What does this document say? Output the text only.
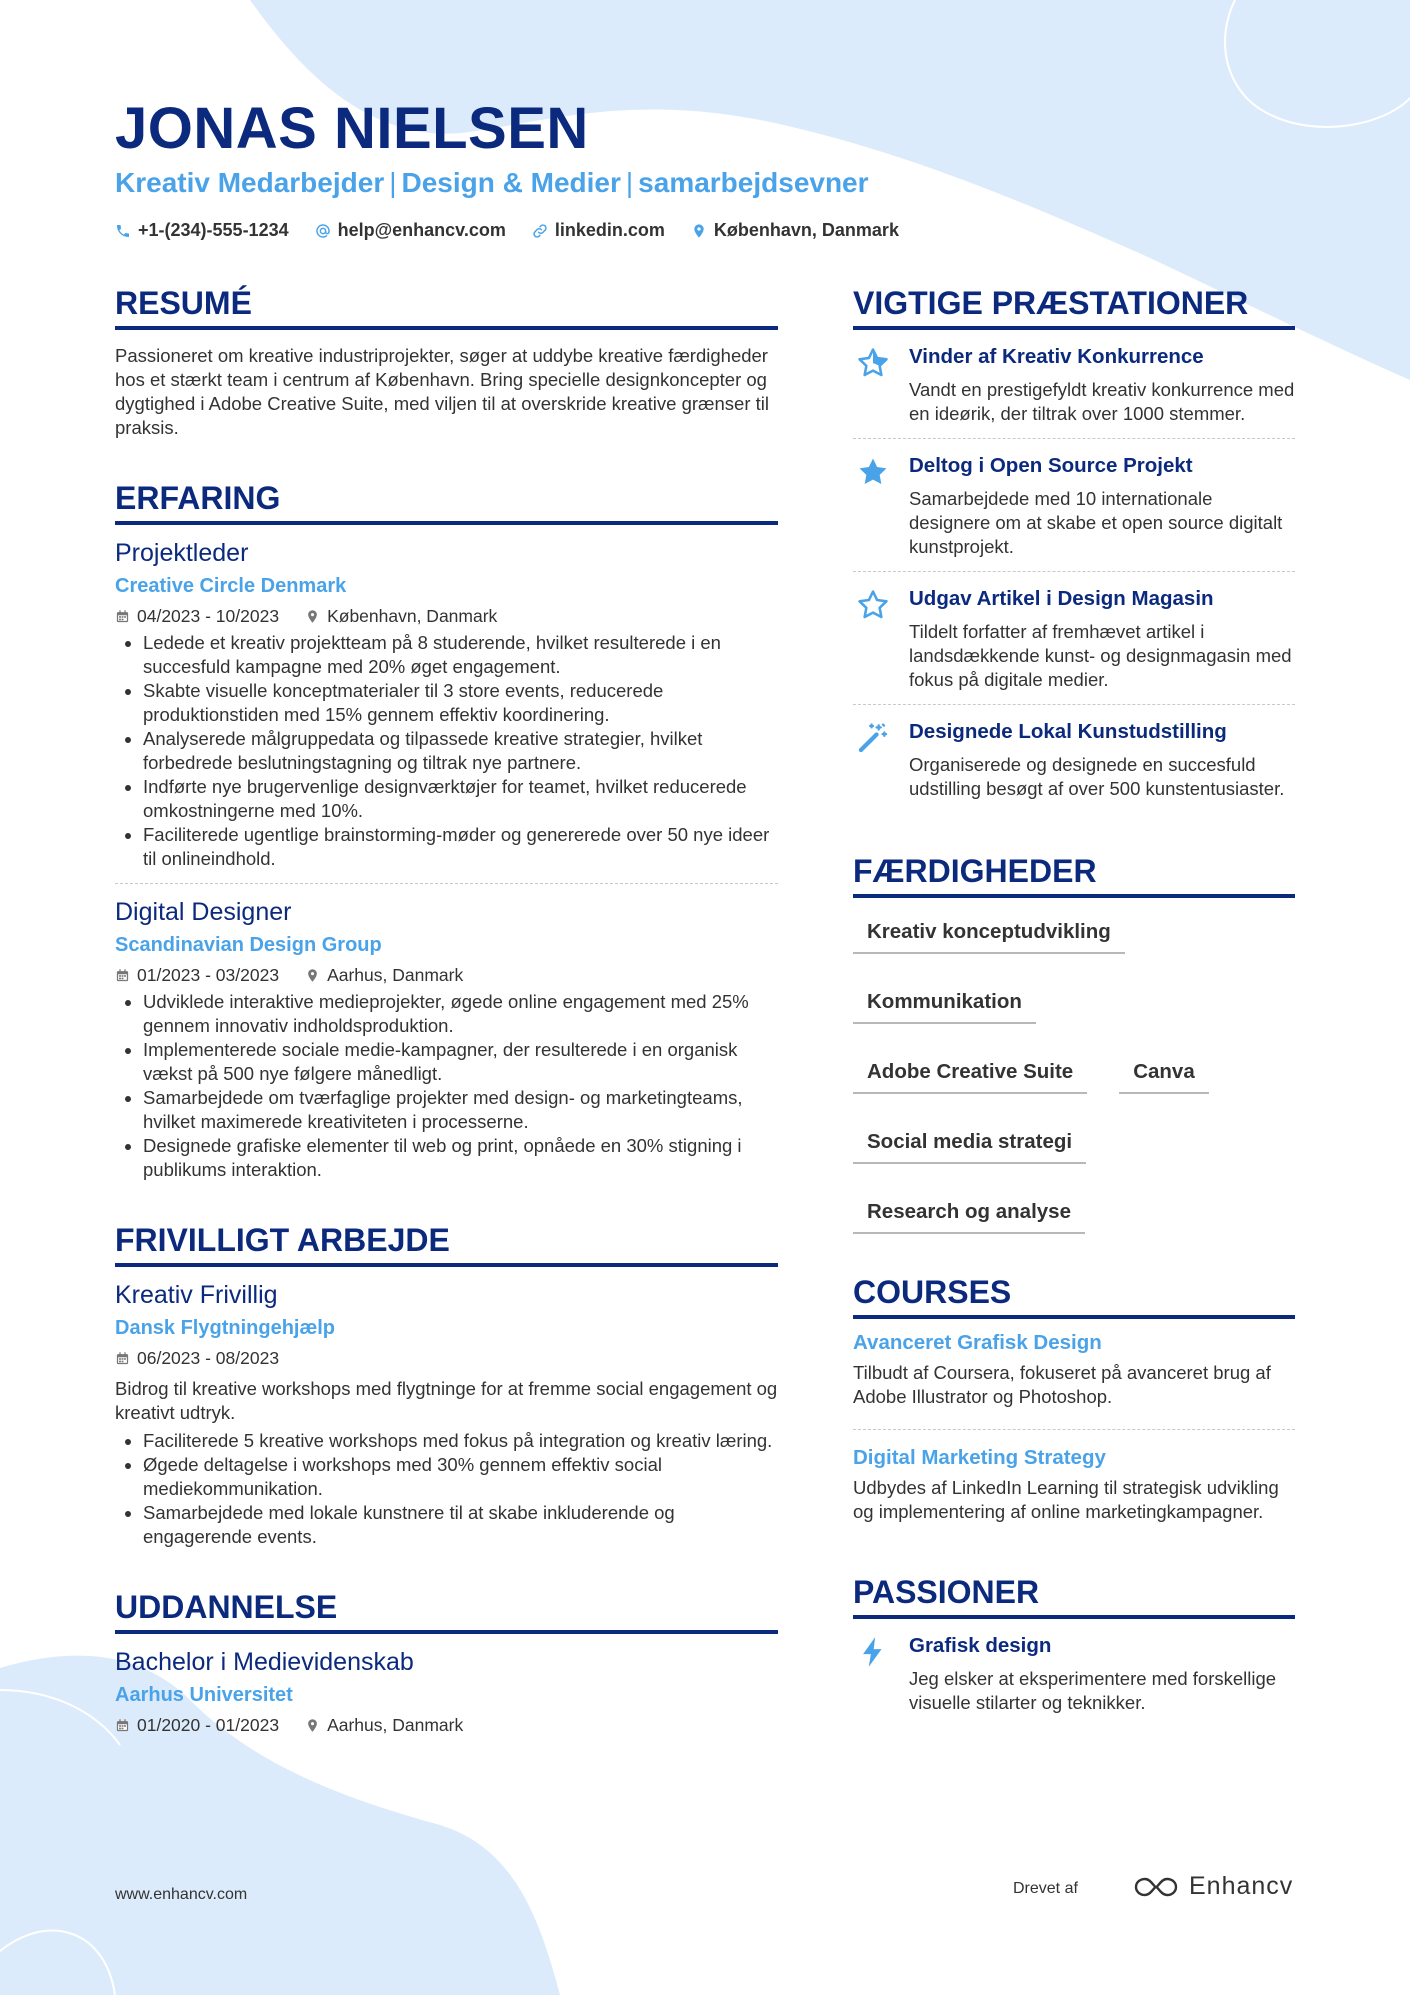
JONAS NIELSEN
Kreativ Medarbejder | Design & Medier | samarbejdsevner
+1-(234)-555-1234	help@enhancv.com	linkedin.com	København, Danmark
RESUMÉ
Passioneret om kreative industriprojekter, søger at uddybe kreative færdigheder hos et stærkt team i centrum af København. Bring specielle designkoncepter og dygtighed i Adobe Creative Suite, med viljen til at overskride kreative grænser til praksis.
ERFARING
Projektleder
Creative Circle Denmark
04/2023 - 10/2023	København, Danmark
• Ledede et kreativ projektteam på 8 studerende, hvilket resulterede i en succesfuld kampagne med 20% øget engagement.
• Skabte visuelle konceptmaterialer til 3 store events, reducerede produktionstiden med 15% gennem effektiv koordinering.
• Analyserede målgruppedata og tilpassede kreative strategier, hvilket forbedrede beslutningstagning og tiltrak nye partnere.
• Indførte nye brugervenlige designværktøjer for teamet, hvilket reducerede omkostningerne med 10%.
• Faciliterede ugentlige brainstorming-møder og genererede over 50 nye ideer til onlineindhold.
Digital Designer
Scandinavian Design Group
01/2023 - 03/2023	Aarhus, Danmark
• Udviklede interaktive medieprojekter, øgede online engagement med 25% gennem innovativ indholdsproduktion.
• Implementerede sociale medie-kampagner, der resulterede i en organisk vækst på 500 nye følgere månedligt.
• Samarbejdede om tværfaglige projekter med design- og marketingteams, hvilket maximerede kreativiteten i processerne.
• Designede grafiske elementer til web og print, opnåede en 30% stigning i publikums interaktion.
FRIVILLIGT ARBEJDE
Kreativ Frivillig
Dansk Flygtningehjælp
06/2023 - 08/2023
Bidrog til kreative workshops med flygtninge for at fremme social engagement og kreativt udtryk.
• Faciliterede 5 kreative workshops med fokus på integration og kreativ læring.
• Øgede deltagelse i workshops med 30% gennem effektiv social mediekommunikation.
• Samarbejdede med lokale kunstnere til at skabe inkluderende og engagerende events.
UDDANNELSE
Bachelor i Medievidenskab
Aarhus Universitet
01/2020 - 01/2023	Aarhus, Danmark
VIGTIGE PRÆSTATIONER
Vinder af Kreativ Konkurrence
Vandt en prestigefyldt kreativ konkurrence med en ideørik, der tiltrak over 1000 stemmer.
Deltog i Open Source Projekt
Samarbejdede med 10 internationale designere om at skabe et open source digitalt kunstprojekt.
Udgav Artikel i Design Magasin
Tildelt forfatter af fremhævet artikel i landsdækkende kunst- og designmagasin med fokus på digitale medier.
Designede Lokal Kunstudstilling
Organiserede og designede en succesfuld udstilling besøgt af over 500 kunstentusiaster.
FÆRDIGHEDER
Kreativ konceptudvikling
Kommunikation
Adobe Creative Suite	Canva
Social media strategi
Research og analyse
COURSES
Avanceret Grafisk Design
Tilbudt af Coursera, fokuseret på avanceret brug af Adobe Illustrator og Photoshop.
Digital Marketing Strategy
Udbydes af LinkedIn Learning til strategisk udvikling og implementering af online marketingkampagner.
PASSIONER
Grafisk design
Jeg elsker at eksperimentere med forskellige visuelle stilarter og teknikker.
www.enhancv.com	Drevet af	Enhancv
